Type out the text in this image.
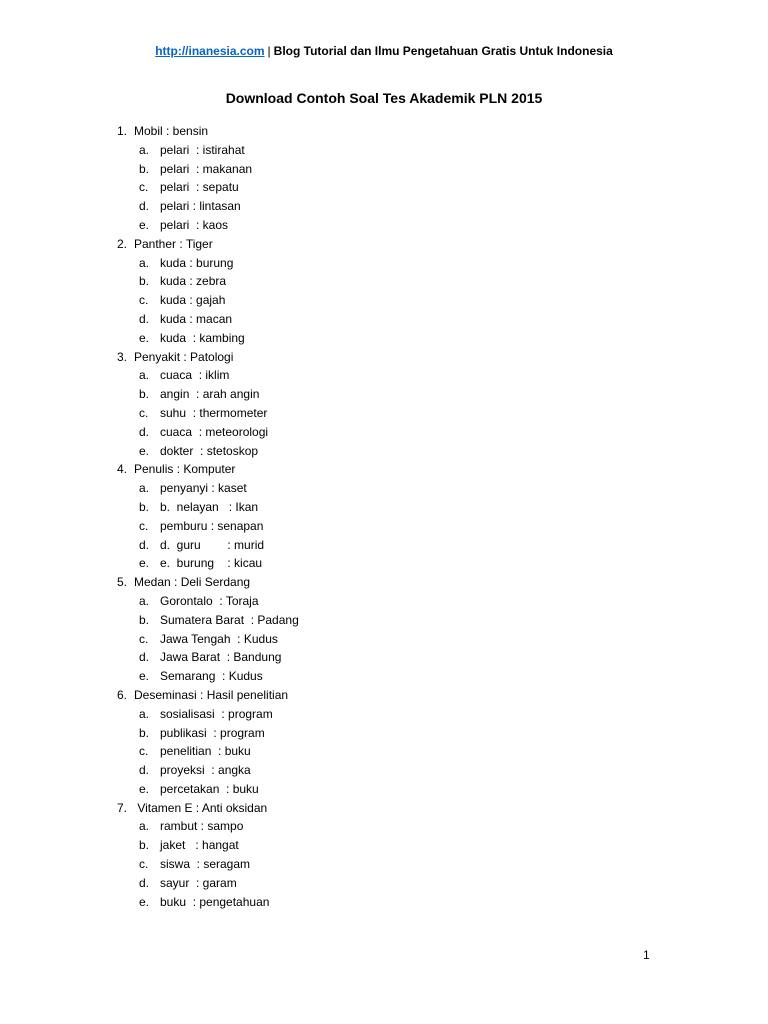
http://inanesia.com | Blog Tutorial dan Ilmu Pengetahuan Gratis Untuk Indonesia
Download Contoh Soal Tes Akademik PLN 2015
1. Mobil : bensin
a. pelari  : istirahat
b. pelari  : makanan
c. pelari  : sepatu
d. pelari : lintasan
e. pelari  : kaos
2. Panther : Tiger
a. kuda : burung
b. kuda : zebra
c. kuda : gajah
d. kuda : macan
e. kuda  : kambing
3. Penyakit : Patologi
a. cuaca  : iklim
b. angin  : arah angin
c. suhu  : thermometer
d. cuaca  : meteorologi
e. dokter  : stetoskop
4. Penulis : Komputer
a. penyanyi : kaset
b. b.  nelayan   : Ikan
c. pemburu : senapan
d. d.  guru        : murid
e. e.  burung    : kicau
5. Medan : Deli Serdang
a. Gorontalo  : Toraja
b. Sumatera Barat  : Padang
c. Jawa Tengah  : Kudus
d. Jawa Barat  : Bandung
e. Semarang  : Kudus
6. Deseminasi : Hasil penelitian
a. sosialisasi  : program
b. publikasi  : program
c. penelitian  : buku
d. proyeksi  : angka
e. percetakan  : buku
7. Vitamen E : Anti oksidan
a. rambut : sampo
b. jaket   : hangat
c. siswa  : seragam
d. sayur  : garam
e. buku  : pengetahuan
1
